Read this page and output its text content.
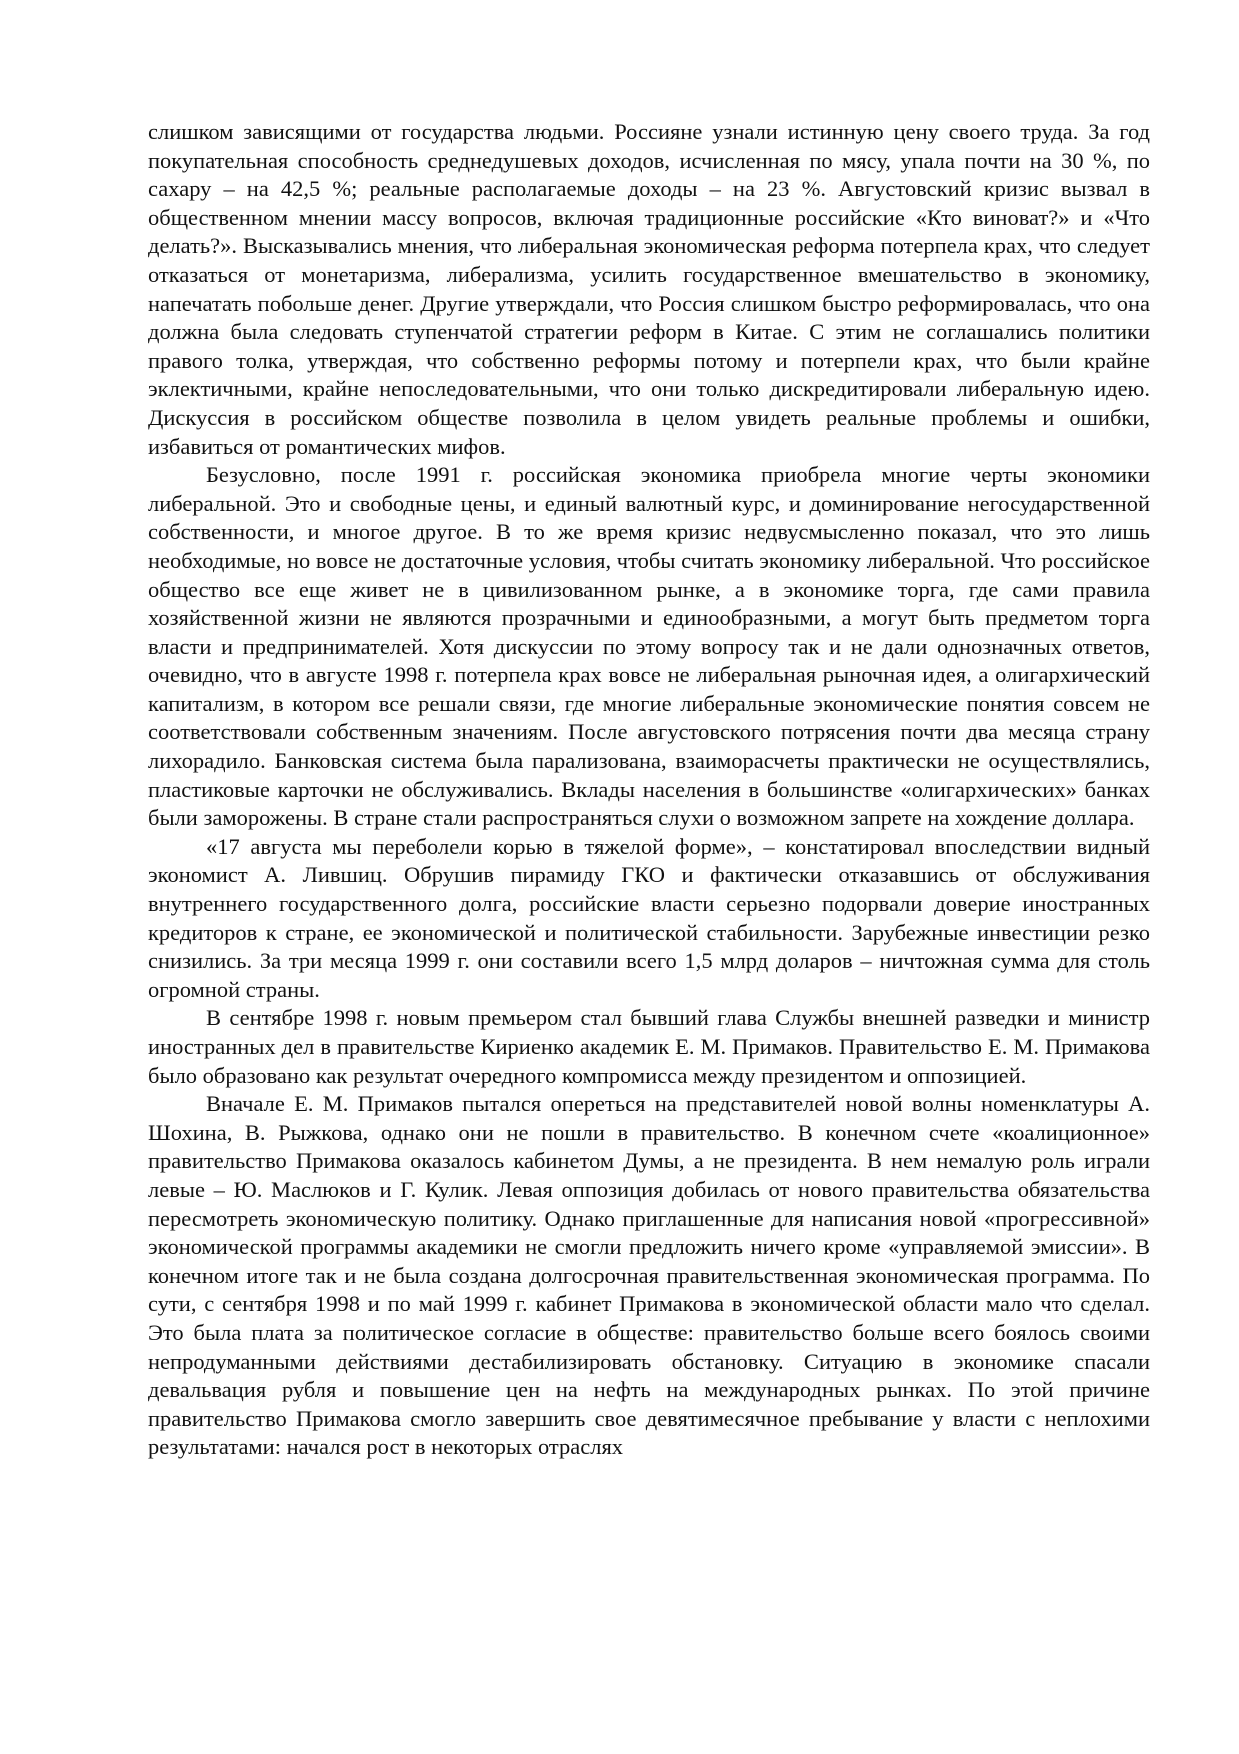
слишком зависящими от государства людьми. Россияне узнали истинную цену своего труда. За год покупательная способность среднедушевых доходов, исчисленная по мясу, упала почти на 30 %, по сахару – на 42,5 %; реальные располагаемые доходы – на 23 %. Августовский кризис вызвал в общественном мнении массу вопросов, включая традиционные российские «Кто виноват?» и «Что делать?». Высказывались мнения, что либеральная экономическая реформа потерпела крах, что следует отказаться от монетаризма, либерализма, усилить государственное вмешательство в экономику, напечатать побольше денег. Другие утверждали, что Россия слишком быстро реформировалась, что она должна была следовать ступенчатой стратегии реформ в Китае. С этим не соглашались политики правого толка, утверждая, что собственно реформы потому и потерпели крах, что были крайне эклектичными, крайне непоследовательными, что они только дискредитировали либеральную идею. Дискуссия в российском обществе позволила в целом увидеть реальные проблемы и ошибки, избавиться от романтических мифов.

Безусловно, после 1991 г. российская экономика приобрела многие черты экономики либеральной. Это и свободные цены, и единый валютный курс, и доминирование негосударственной собственности, и многое другое. В то же время кризис недвусмысленно показал, что это лишь необходимые, но вовсе не достаточные условия, чтобы считать экономику либеральной. Что российское общество все еще живет не в цивилизованном рынке, а в экономике торга, где сами правила хозяйственной жизни не являются прозрачными и единообразными, а могут быть предметом торга власти и предпринимателей. Хотя дискуссии по этому вопросу так и не дали однозначных ответов, очевидно, что в августе 1998 г. потерпела крах вовсе не либеральная рыночная идея, а олигархический капитализм, в котором все решали связи, где многие либеральные экономические понятия совсем не соответствовали собственным значениям. После августовского потрясения почти два месяца страну лихорадило. Банковская система была парализована, взаиморасчеты практически не осуществлялись, пластиковые карточки не обслуживались. Вклады населения в большинстве «олигархических» банках были заморожены. В стране стали распространяться слухи о возможном запрете на хождение доллара.

«17 августа мы переболели корью в тяжелой форме», – констатировал впоследствии видный экономист А. Лившиц. Обрушив пирамиду ГКО и фактически отказавшись от обслуживания внутреннего государственного долга, российские власти серьезно подорвали доверие иностранных кредиторов к стране, ее экономической и политической стабильности. Зарубежные инвестиции резко снизились. За три месяца 1999 г. они составили всего 1,5 млрд доларов – ничтожная сумма для столь огромной страны.

В сентябре 1998 г. новым премьером стал бывший глава Службы внешней разведки и министр иностранных дел в правительстве Кириенко академик Е. М. Примаков. Правительство Е. М. Примакова было образовано как результат очередного компромисса между президентом и оппозицией.

Вначале Е. М. Примаков пытался опереться на представителей новой волны номенклатуры А. Шохина, В. Рыжкова, однако они не пошли в правительство. В конечном счете «коалиционное» правительство Примакова оказалось кабинетом Думы, а не президента. В нем немалую роль играли левые – Ю. Маслюков и Г. Кулик. Левая оппозиция добилась от нового правительства обязательства пересмотреть экономическую политику. Однако приглашенные для написания новой «прогрессивной» экономической программы академики не смогли предложить ничего кроме «управляемой эмиссии». В конечном итоге так и не была создана долгосрочная правительственная экономическая программа. По сути, с сентября 1998 и по май 1999 г. кабинет Примакова в экономической области мало что сделал. Это была плата за политическое согласие в обществе: правительство больше всего боялось своими непродуманными действиями дестабилизировать обстановку. Ситуацию в экономике спасали девальвация рубля и повышение цен на нефть на международных рынках. По этой причине правительство Примакова смогло завершить свое девятимесячное пребывание у власти с неплохими результатами: начался рост в некоторых отраслях
